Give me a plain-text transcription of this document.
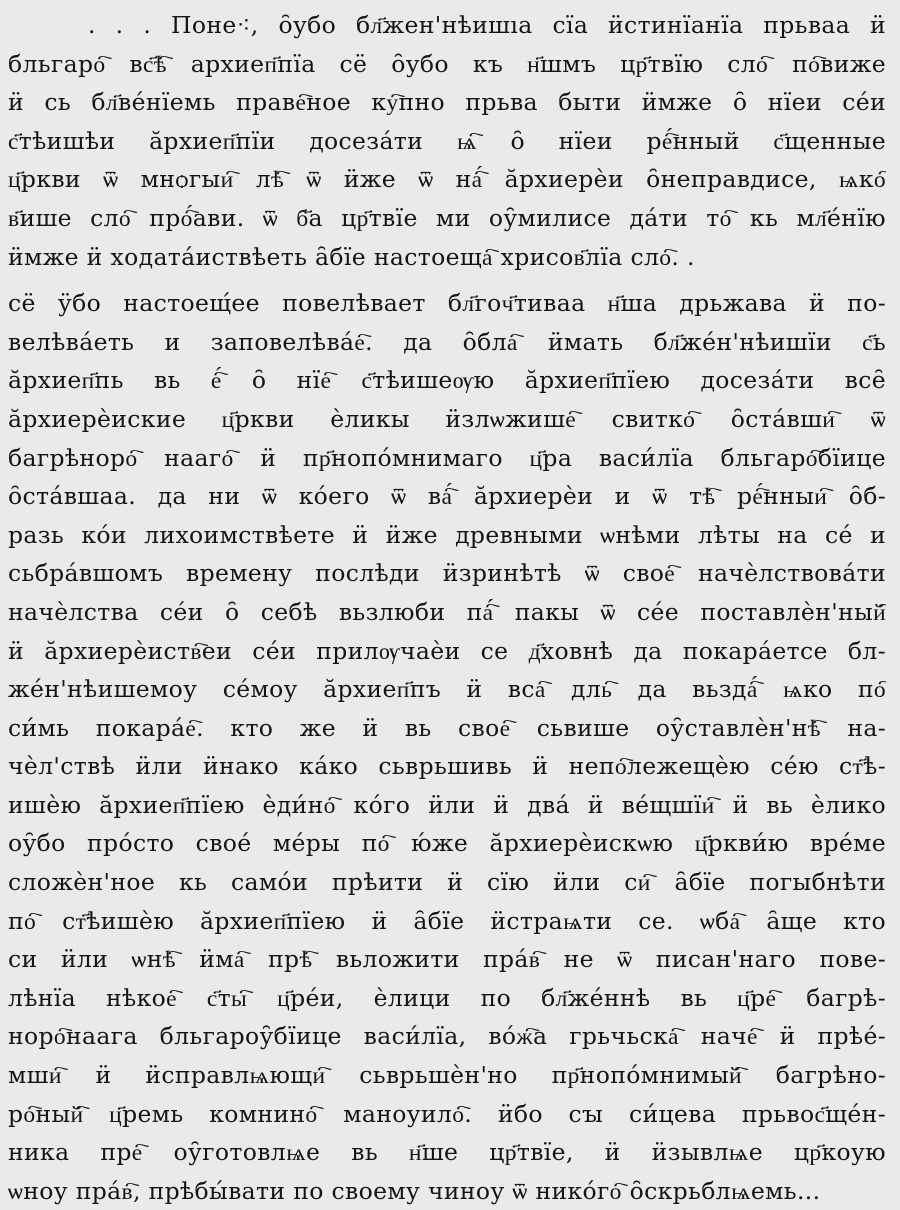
. . . Поне⁖, ȏубо бл҃жен'нѣишıа сїа ӥстинїанїа прьваа ӥ
бльгаро҇ вс҃ѣ҇ архиеп҃пїа сё ȏубо къ н҃шмъ цр҃твїю сло҇ по҇виже
ӥ сь бл҃ве́нїемь праве҇ное ку҇пно прьва быти ӥмже ȏ нїеи се́и
с҃тѣишѣи ӑрхиеп҃пїи досеза́ти ѩ҇ ȏ нїеи ре́҇нный с҃щенные
ц҃ркви ѿ мнѻгыи҇ лѣ҇ ѿ ӥже ѿ на́҇ ӑрхиерѐи ȏнеправдисе, ѩко҇
в҃ише сло҇ про́҇ави. ѿ б҃а цр҃твїе ми оу̑милисе да́ти то҇ кь мл҃е́нїю
ӥмже ӥ ходата́иствѣеть а̑бїе настоеща҇ хрисов҃лїа сло҇. .
сё ӱбо настоещ́ее повелѣвает бл҃гоч҃тиваа н҃ша дрьжава ӥ по-
велѣва́еть и заповелѣва́е҇. да ȏбла҇ ӥмать бл҃же́н'нѣишїи с҃ь
ӑрхиеп҃пь вь е́҇ ȏ нїе҇ с҃тѣишеѹю ӑрхиеп҃пїею досеза́ти все̑
ӑрхиерѐиские ц҃ркви ѐликы ӥзлѡжише҇ свитко҇ ȏста́вши҇ ѿ
багрѣноро҇ нааго҇ ӥ пр҃нопо́мнимаго ц҃ра васи́лїа бльгаро҇бїице
ȏста́вшаа. да ни ѿ ко́его ѿ ва́҇ ӑрхиерѐи и ѿ тѣ҇ ре́҇нныи҇ ȏб-
разь ко́и лихоимствѣете ӥ ӥже древными ѡнѣми лѣты на се́ и
сьбра́вшомъ времену послѣди ӥзринѣтѣ ѿ свое҇ начѐлствова́ти
начѐлства се́и ȏ себѣ вьзлюби па́҇ пакы ѿ се́е поставлѐн'ный҇
ӥ ӑрхиерѐиств҇еи се́и прилѹчаѐи се д҃ховнѣ да покара́етсе бл-
же́н'нѣишемоу се́моу ӑрхиеп҃пъ ӥ вса҇ дль҇ да вьзда́҇ ѩко по҇
си́мь покара́е҇. кто же ӥ вь свое҇ сьвише оу̑ставлѐн'нѣ҇ на-
чѐл'ствѣ ӥли ӥнако ка́ко сьврьшивь ӥ непо҇лежещѐю се́ю ст҃ѣ-
ишѐю ӑрхиеп҃пїею ѐди́но҇ ко́го ӥли ӥ два́ ӥ ве́щшїи҇ ӥ вь ѐлико
оу̑бо про́сто свое́ ме́ры по҇ ю́же ӑрхиерѐискѡю ц҃ркви́ю вре́ме
сложѐн'ное кь само́и прѣити ӥ сїю ӥли си҇ а̑бїе погыбнѣти
по҇ ст҃ѣишѐю ӑрхиеп҃пїею ӥ а̑бїе ӥстраѩти се. ѡба҇ а̑ще кто
си ӥли ѡнѣ҇ ӥма҇ прѣ҇ вьложити пра́в҇ не ѿ писан'наго пове-
лѣнїа нѣкое҇ с҃ты҇ ц҃ре́и, ѐлици по бл҃же́ннѣ вь ц҃ре҇ багрѣ-
норо҇наага бльгароу̑бїице васи́лїа, во́ж҇а грьчьска҇ наче҇ ӥ прѣе́-
мши҇ ӥ ӥсправлѩющи҇ сьврьшѐн'но пр҃нопо́мнимый҇ багрѣно-
ро҇ный҇ ц҃ремь комнино҇ маноуило҇. ӥбо сꙑ си́цева прьвос҃ще́н-
ника пре҇ оу̑готовлѩе вь н҃ше цр҃твїе, ӥ ӥзывлѩе цр҃коую
ѡноу пра́в҇, прѣбы́вати по своему чиноу ѿ нико́го҇ ȏскрьблѩемь...
